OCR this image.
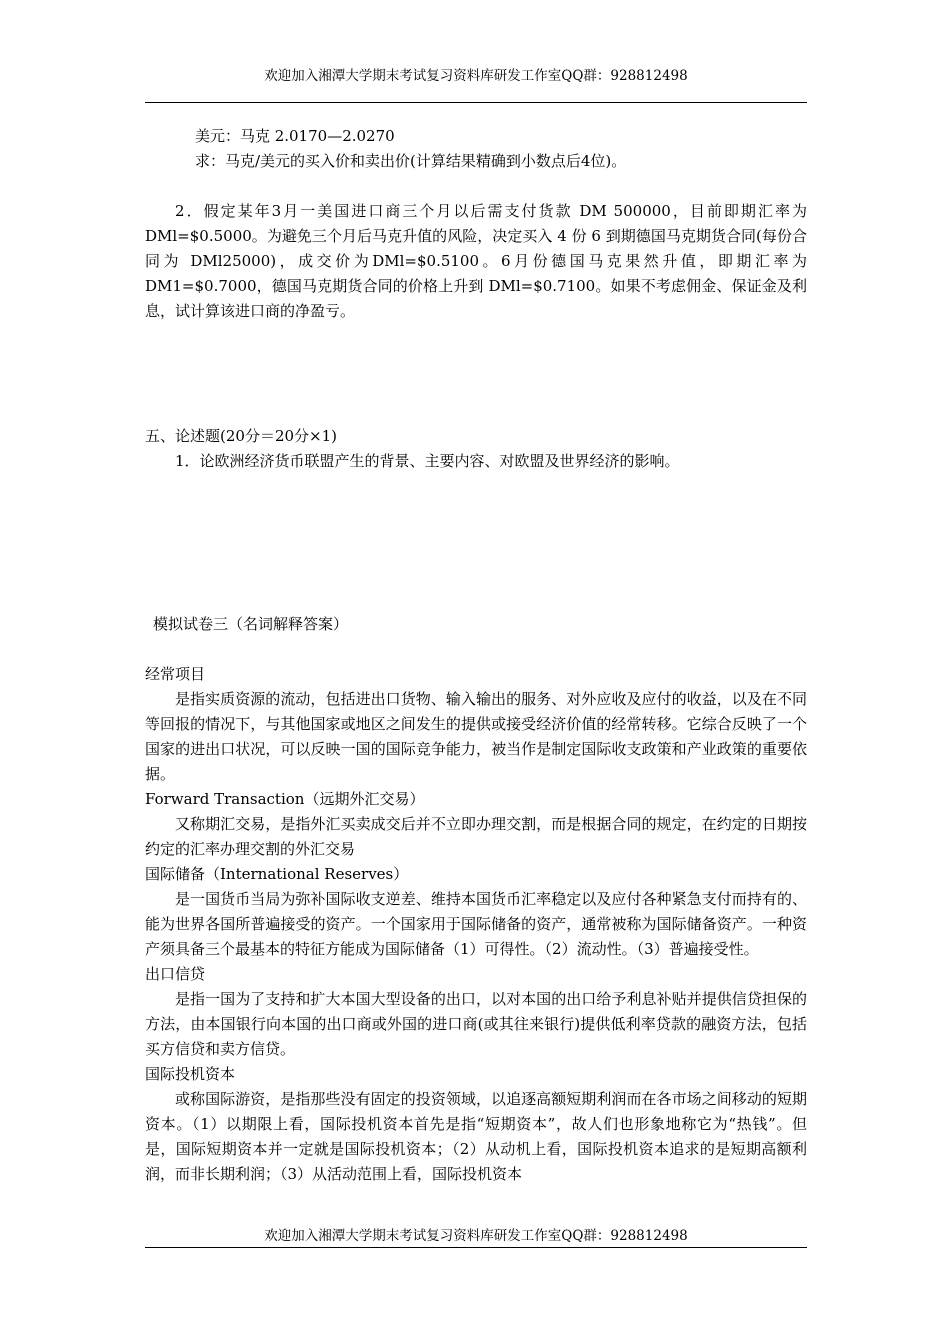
欢迎加入湘潭大学期末考试复习资料库研发工作室QQ群：928812498

美元：马克 2.0170—2.0270

求：马克/美元的买入价和卖出价(计算结果精确到小数点后4位)。

2．假定某年3月一美国进口商三个月以后需支付货款 DM 500000，目前即期汇率为DMl=$0.5000。为避免三个月后马克升值的风险，决定买入 4 份 6 到期德国马克期货合同(每份合同为 DMl25000)，成交价为DMl=$0.5100。6月份德国马克果然升值，即期汇率为DM1=$0.7000，德国马克期货合同的价格上升到 DMl=$0.7100。如果不考虑佣金、保证金及利息，试计算该进口商的净盈亏。

五、论述题(20分＝20分×1)

1．论欧洲经济货币联盟产生的背景、主要内容、对欧盟及世界经济的影响。

模拟试卷三（名词解释答案）

经常项目

是指实质资源的流动，包括进出口货物、输入输出的服务、对外应收及应付的收益，以及在不同等回报的情况下，与其他国家或地区之间发生的提供或接受经济价值的经常转移。它综合反映了一个国家的进出口状况，可以反映一国的国际竞争能力，被当作是制定国际收支政策和产业政策的重要依据。

Forward Transaction（远期外汇交易）

又称期汇交易，是指外汇买卖成交后并不立即办理交割，而是根据合同的规定，在约定的日期按约定的汇率办理交割的外汇交易

国际储备（International Reserves）

是一国货币当局为弥补国际收支逆差、维持本国货币汇率稳定以及应付各种紧急支付而持有的、能为世界各国所普遍接受的资产。一个国家用于国际储备的资产，通常被称为国际储备资产。一种资产须具备三个最基本的特征方能成为国际储备（1）可得性。（2）流动性。（3）普遍接受性。

出口信贷

是指一国为了支持和扩大本国大型设备的出口，以对本国的出口给予利息补贴并提供信贷担保的方法，由本国银行向本国的出口商或外国的进口商(或其往来银行)提供低利率贷款的融资方法，包括买方信贷和卖方信贷。

国际投机资本

或称国际游资，是指那些没有固定的投资领域，以追逐高额短期利润而在各市场之间移动的短期资本。（1）以期限上看，国际投机资本首先是指“短期资本”，故人们也形象地称它为“热钱”。但是，国际短期资本并一定就是国际投机资本；（2）从动机上看，国际投机资本追求的是短期高额利润，而非长期利润；（3）从活动范围上看，国际投机资本

欢迎加入湘潭大学期末考试复习资料库研发工作室QQ群：928812498
